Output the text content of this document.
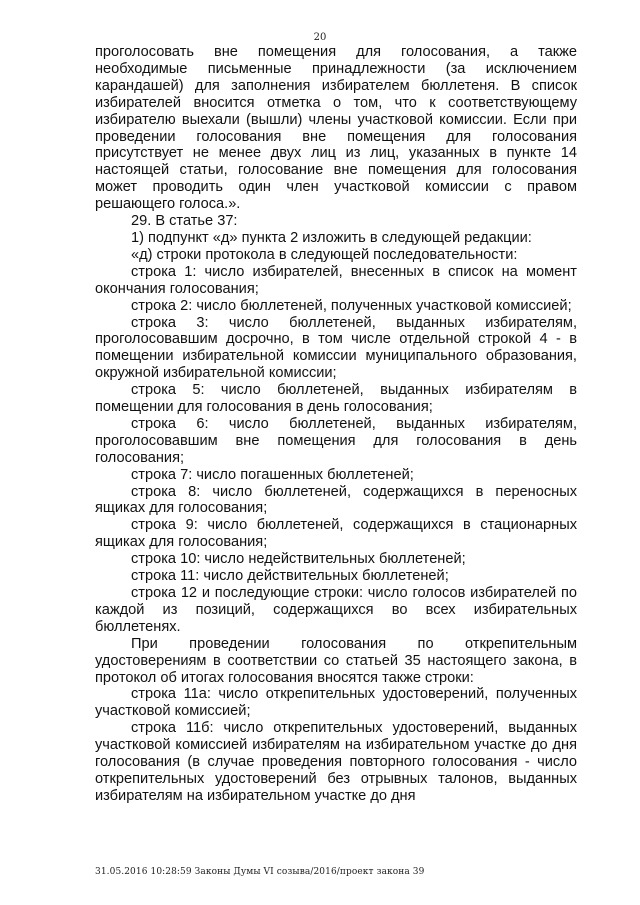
20

проголосовать вне помещения для голосования, а также необходимые письменные принадлежности (за исключением карандашей) для заполнения избирателем бюллетеня. В список избирателей вносится отметка о том, что к соответствующему избирателю выехали (вышли) члены участковой комиссии. Если при проведении голосования вне помещения для голосования присутствует не менее двух лиц из лиц, указанных в пункте 14 настоящей статьи, голосование вне помещения для голосования может проводить один член участковой комиссии с правом решающего голоса.».

29. В статье 37:

1) подпункт «д» пункта 2 изложить в следующей редакции:

«д) строки протокола в следующей последовательности:

строка 1: число избирателей, внесенных в список на момент окончания голосования;

строка 2: число бюллетеней, полученных участковой комиссией;

строка 3: число бюллетеней, выданных избирателям, проголосовавшим досрочно, в том числе отдельной строкой 4 - в помещении избирательной комиссии муниципального образования, окружной избирательной комиссии;

строка 5: число бюллетеней, выданных избирателям в помещении для голосования в день голосования;

строка 6: число бюллетеней, выданных избирателям, проголосовавшим вне помещения для голосования в день голосования;

строка 7: число погашенных бюллетеней;

строка 8: число бюллетеней, содержащихся в переносных ящиках для голосования;

строка 9: число бюллетеней, содержащихся в стационарных ящиках для голосования;

строка 10: число недействительных бюллетеней;

строка 11: число действительных бюллетеней;

строка 12 и последующие строки: число голосов избирателей по каждой из позиций, содержащихся во всех избирательных бюллетенях.

При проведении голосования по открепительным удостоверениям в соответствии со статьей 35 настоящего закона, в протокол об итогах голосования вносятся также строки:

строка 11а: число открепительных удостоверений, полученных участковой комиссией;

строка 11б: число открепительных удостоверений, выданных участковой комиссией избирателям на избирательном участке до дня голосования (в случае проведения повторного голосования - число открепительных удостоверений без отрывных талонов, выданных избирателям на избирательном участке до дня

31.05.2016 10:28:59 Законы Думы VI созыва/2016/проект закона 39
